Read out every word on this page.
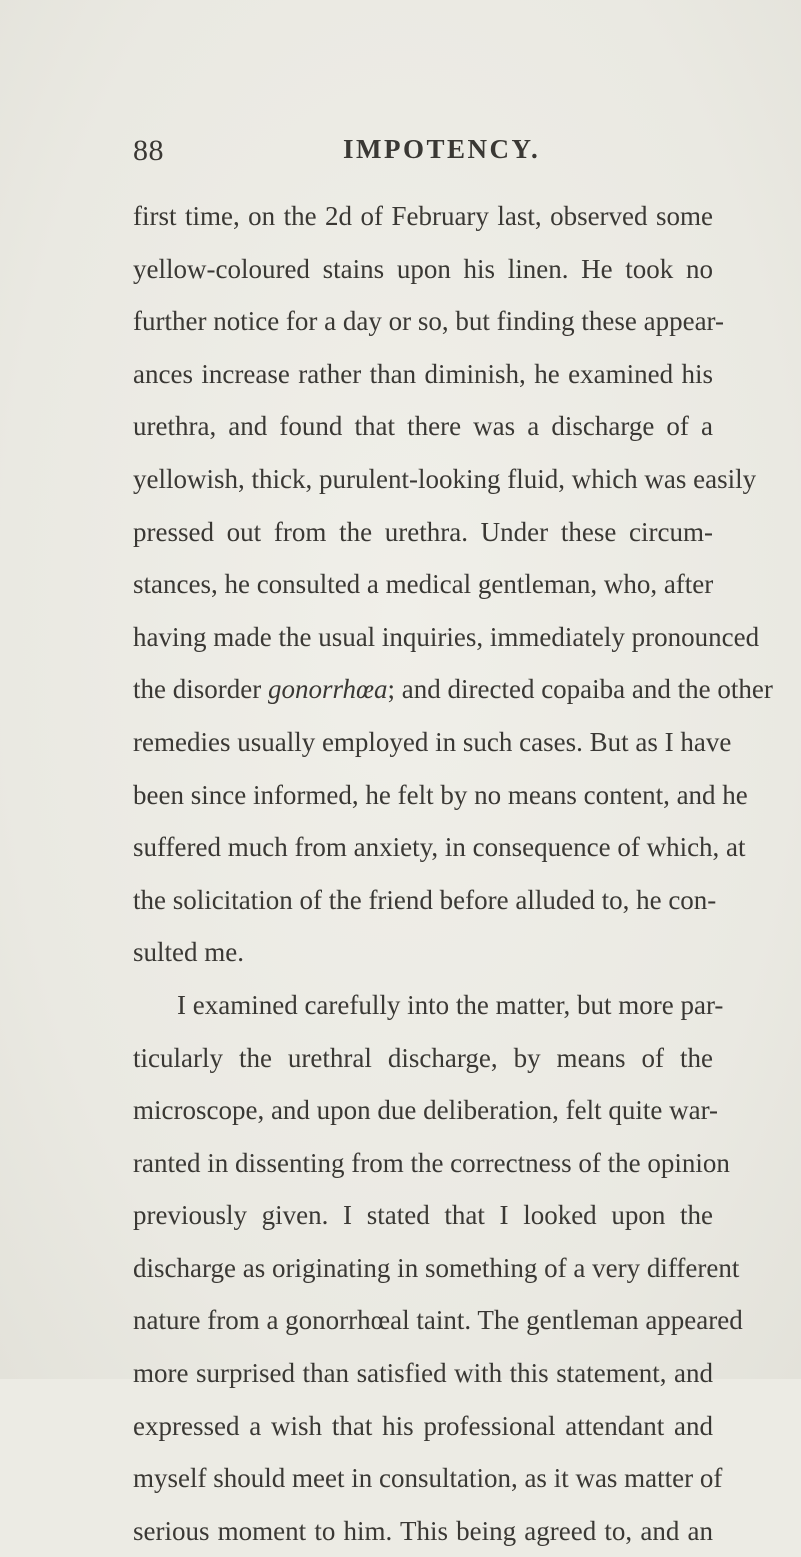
88	IMPOTENCY.
first time, on the 2d of February last, observed some
yellow-coloured stains upon his linen. He took no
further notice for a day or so, but finding these appear-
ances increase rather than diminish, he examined his
urethra, and found that there was a discharge of a
yellowish, thick, purulent-looking fluid, which was easily
pressed out from the urethra. Under these circum-
stances, he consulted a medical gentleman, who, after
having made the usual inquiries, immediately pronounced
the disorder gonorrhœa; and directed copaiba and the other
remedies usually employed in such cases. But as I have
been since informed, he felt by no means content, and he
suffered much from anxiety, in consequence of which, at
the solicitation of the friend before alluded to, he con-
sulted me.
I examined carefully into the matter, but more par-
ticularly the urethral discharge, by means of the
microscope, and upon due deliberation, felt quite war-
ranted in dissenting from the correctness of the opinion
previously given. I stated that I looked upon the
discharge as originating in something of a very different
nature from a gonorrhœal taint. The gentleman appeared
more surprised than satisfied with this statement, and
expressed a wish that his professional attendant and
myself should meet in consultation, as it was matter of
serious moment to him. This being agreed to, and an
